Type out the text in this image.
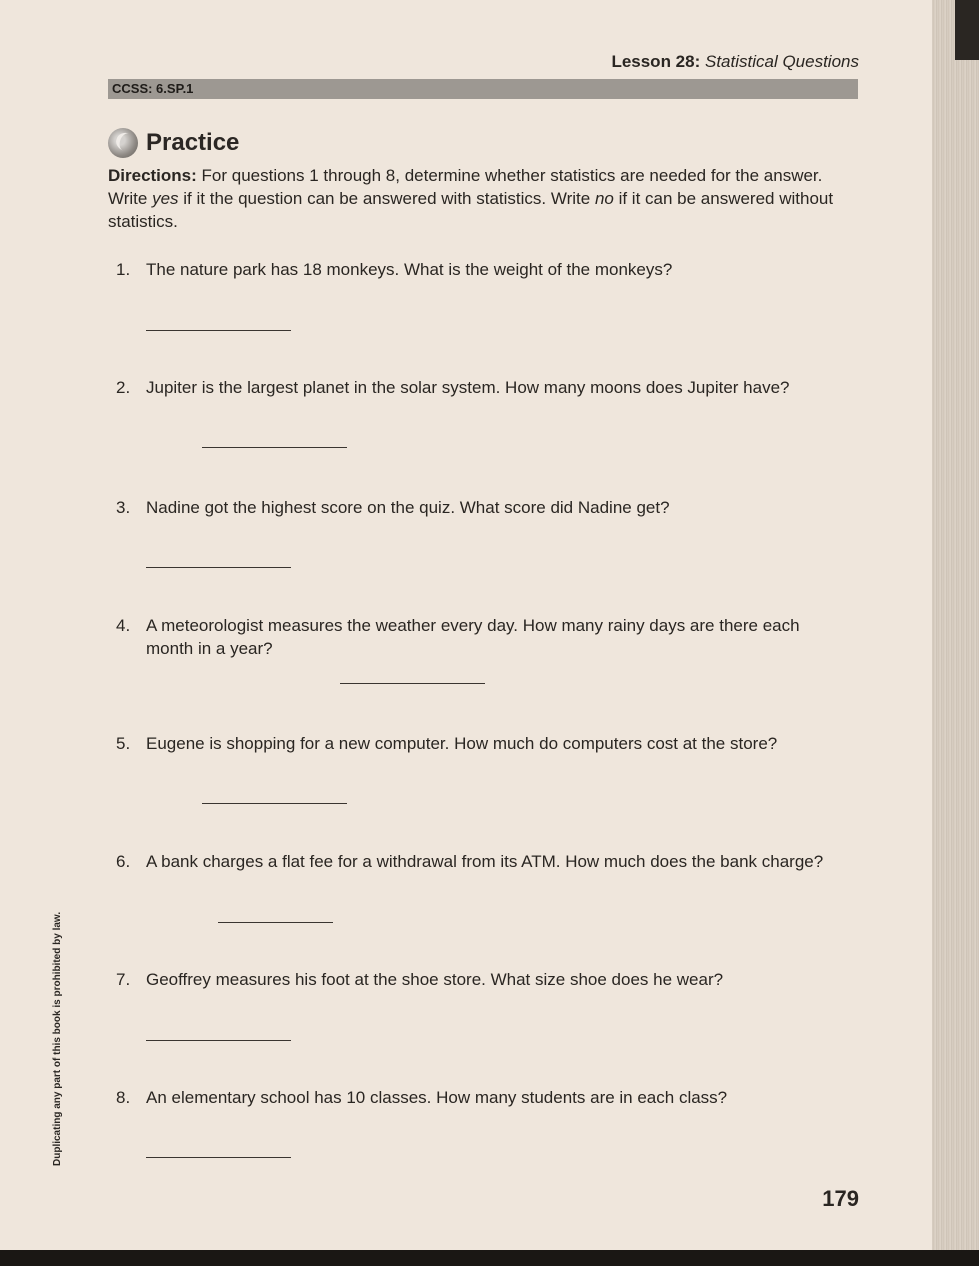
Lesson 28: Statistical Questions
CCSS: 6.SP.1
Practice
Directions: For questions 1 through 8, determine whether statistics are needed for the answer. Write yes if it the question can be answered with statistics. Write no if it can be answered without statistics.
1. The nature park has 18 monkeys. What is the weight of the monkeys?
2. Jupiter is the largest planet in the solar system. How many moons does Jupiter have?
3. Nadine got the highest score on the quiz. What score did Nadine get?
4. A meteorologist measures the weather every day. How many rainy days are there each month in a year?
5. Eugene is shopping for a new computer. How much do computers cost at the store?
6. A bank charges a flat fee for a withdrawal from its ATM. How much does the bank charge?
7. Geoffrey measures his foot at the shoe store. What size shoe does he wear?
8. An elementary school has 10 classes. How many students are in each class?
Duplicating any part of this book is prohibited by law.
179
